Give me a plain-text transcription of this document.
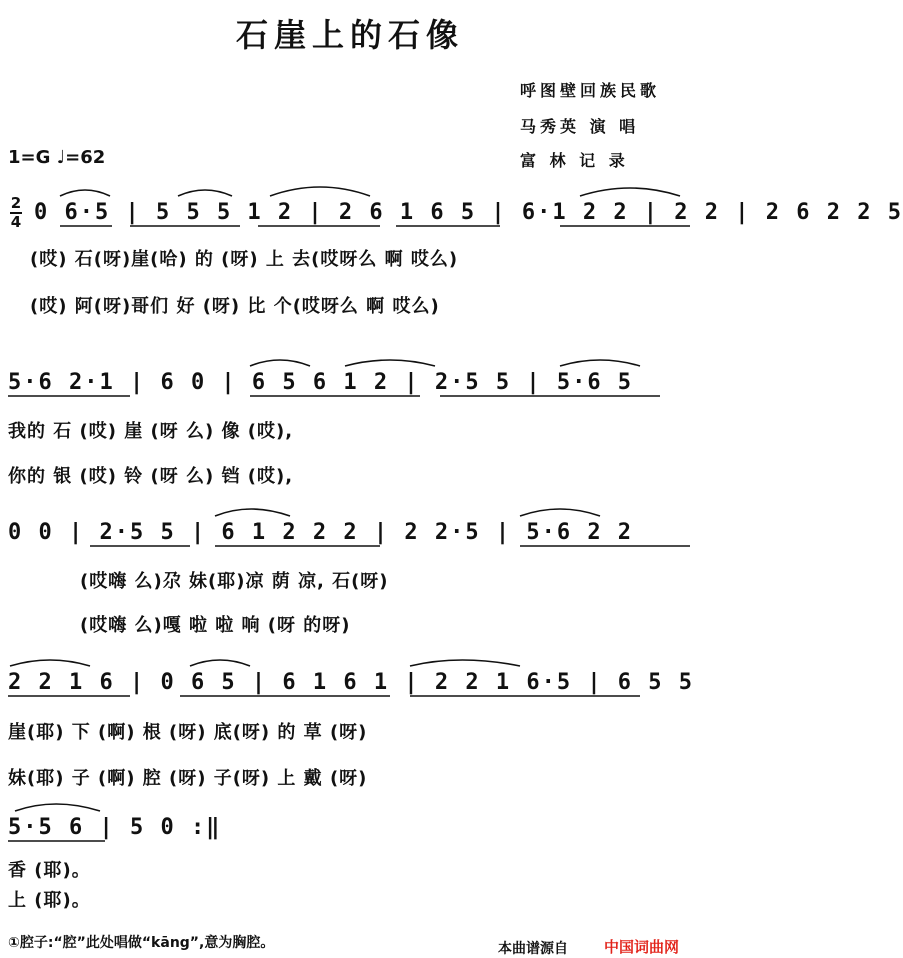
石崖上的石像
呼图壁回族民歌
马秀英 演 唱
富 林 记 录
1=G ♩=62
2
4 0 6·5 | 5 5 5 1 2 | 2 6 1 6 5 | 6·1 2 2 | 2 2 | 2 6 2 2 5
(哎) 石(呀)崖(哈) 的 (呀) 上 去(哎呀么 啊 哎么)
(哎) 阿(呀)哥们 好 (呀) 比 个(哎呀么 啊 哎么)
5·6 2·1 | 6 0 | 6 5 6 1 2 | 2·5 5 | 5·6 5
我的 石 (哎) 崖 (呀 么) 像 (哎),
你的 银 (哎) 铃 (呀 么) 铛 (哎),
0 0 | 2·5 5 | 6 1 2 2 2 | 2 2·5 | 5·6 2 2
(哎嗨 么)尕 妹(耶)凉 荫 凉, 石(呀)
(哎嗨 么)嘎 啦 啦 响 (呀 的呀)
2 2 1 6 | 0 6 5 | 6 1 6 1 | 2 2 1 6·5 | 6 5 5
崖(耶) 下 (啊) 根 (呀) 底(呀) 的 草 (呀)
妹(耶) 子 (啊) 腔 (呀) 子(呀) 上 戴 (呀)
5·5 6 | 5 0 :‖
香 (耶)。
上 (耶)。
①腔子:“腔”此处唱做“kāng”,意为胸腔。	本曲谱源自 中国词曲网
